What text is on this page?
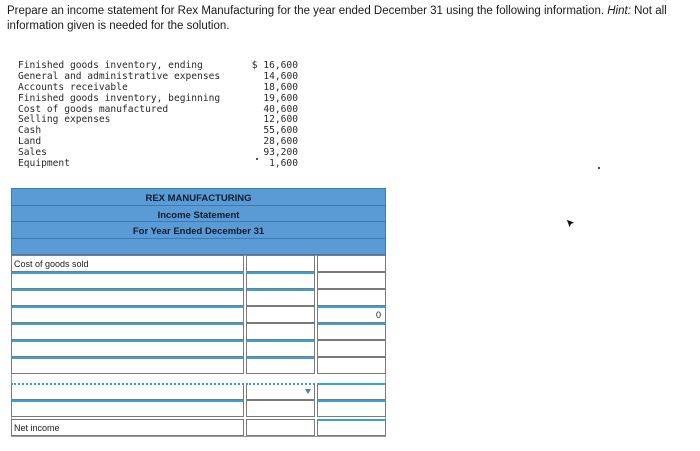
Prepare an income statement for Rex Manufacturing for the year ended December 31 using the following information. Hint: Not all
information given is needed for the solution.
Finished goods inventory, ending	$ 16,600
General and administrative expenses	14,600
Accounts receivable	18,600
Finished goods inventory, beginning	19,600
Cost of goods manufactured	40,600
Selling expenses	12,600
Cash	55,600
Land	28,600
Sales	93,200
Equipment	1,600
REX MANUFACTURING
Income Statement
For Year Ended December 31
Cost of goods sold
0
Net income
